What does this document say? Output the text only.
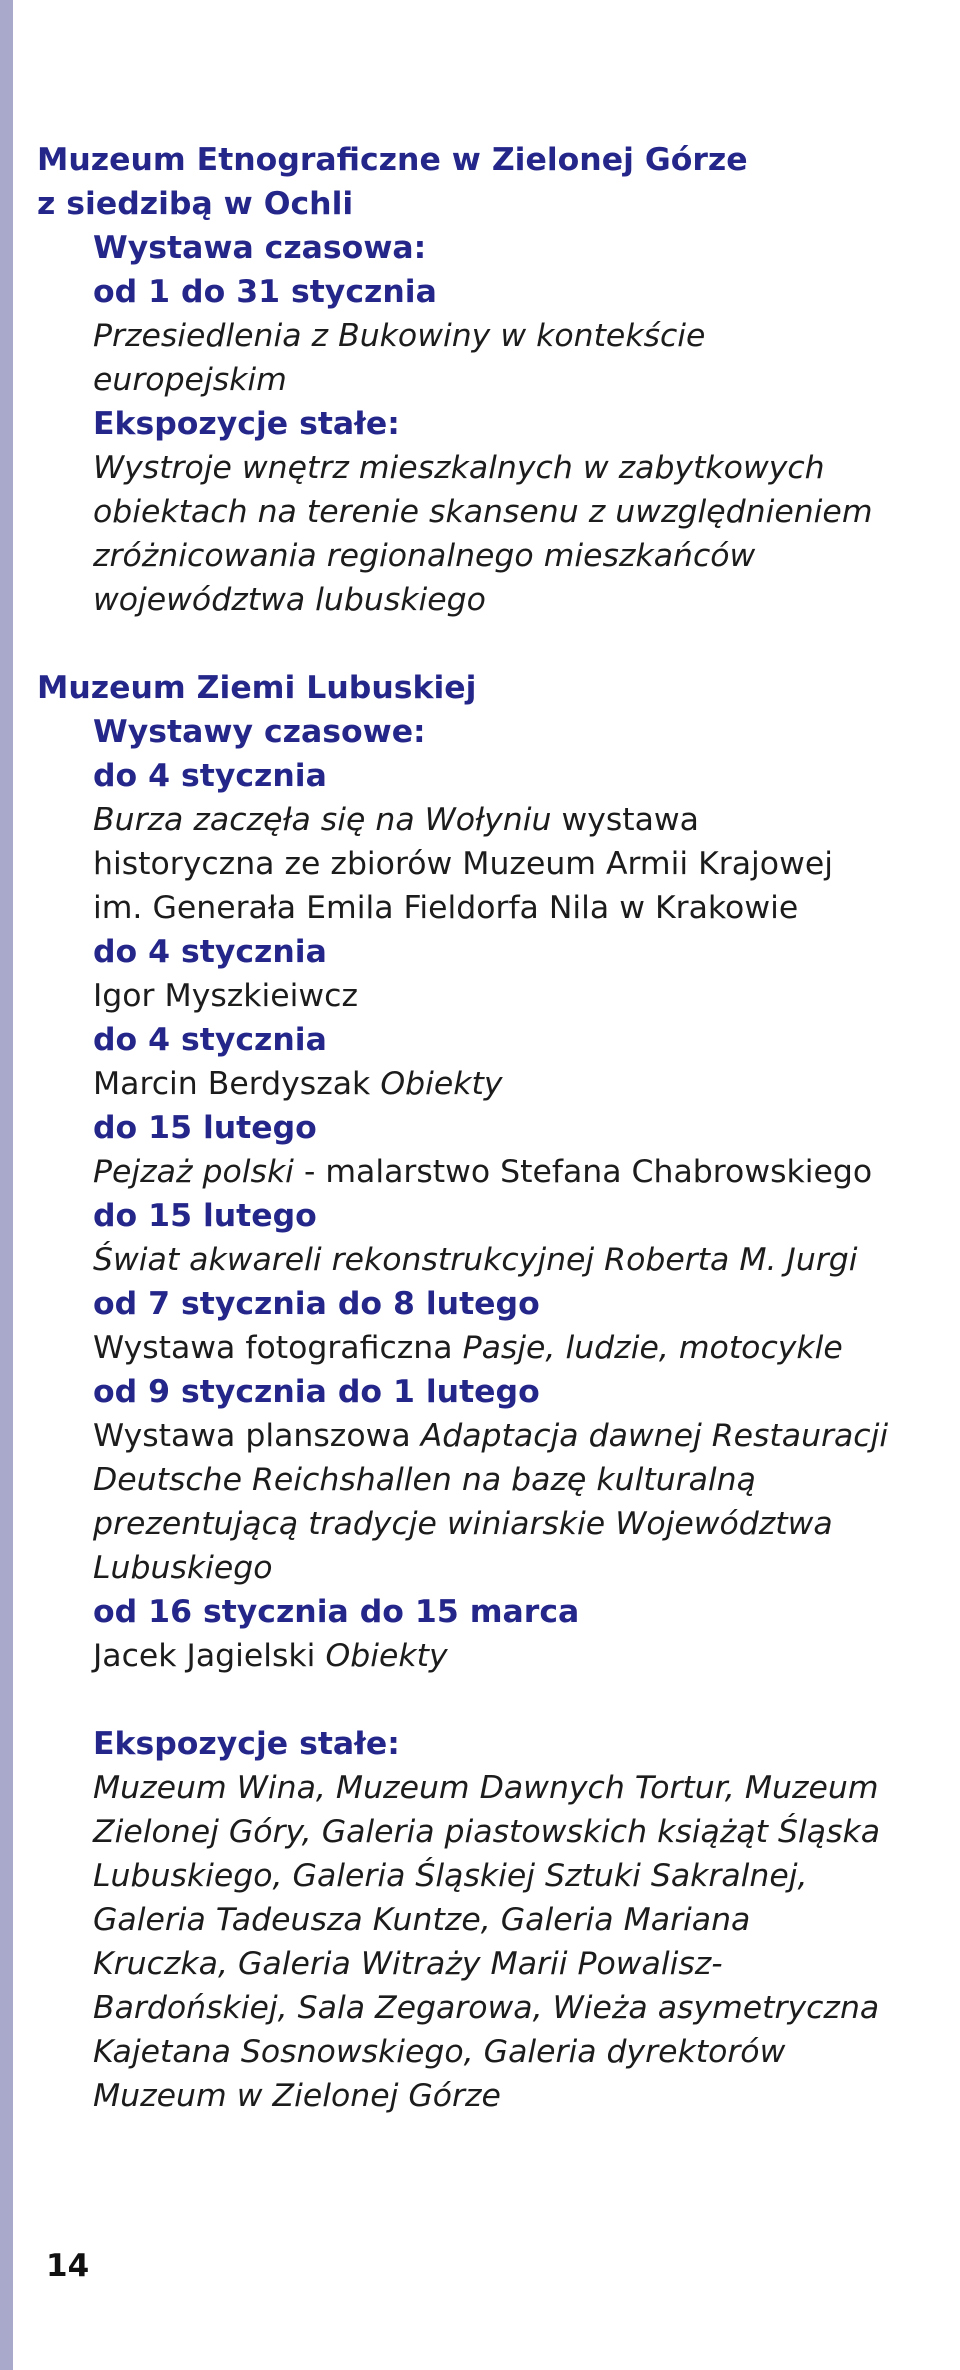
Muzeum Etnograficzne w Zielonej Górze

z siedzibą w Ochli

Wystawa czasowa:

od 1 do 31 stycznia

Przesiedlenia z Bukowiny w kontekście

europejskim

Ekspozycje stałe:

Wystroje wnętrz mieszkalnych w zabytkowych

obiektach na terenie skansenu z uwzględnieniem

zróżnicowania regionalnego mieszkańców

województwa lubuskiego

Muzeum Ziemi Lubuskiej

Wystawy czasowe:

do 4 stycznia

Burza zaczęła się na Wołyniu wystawa

historyczna ze zbiorów Muzeum Armii Krajowej

im. Generała Emila Fieldorfa Nila w Krakowie

do 4 stycznia

Igor Myszkieiwcz

do 4 stycznia

Marcin Berdyszak Obiekty

do 15 lutego

Pejzaż polski - malarstwo Stefana Chabrowskiego

do 15 lutego

Świat akwareli rekonstrukcyjnej Roberta M. Jurgi

od 7 stycznia do 8 lutego

Wystawa fotograficzna Pasje, ludzie, motocykle

od 9 stycznia do 1 lutego

Wystawa planszowa Adaptacja dawnej Restauracji

Deutsche Reichshallen na bazę kulturalną

prezentującą tradycje winiarskie Województwa

Lubuskiego

od 16 stycznia do 15 marca

Jacek Jagielski Obiekty

Ekspozycje stałe:

Muzeum Wina, Muzeum Dawnych Tortur, Muzeum

Zielonej Góry, Galeria piastowskich książąt Śląska

Lubuskiego, Galeria Śląskiej Sztuki Sakralnej,

Galeria Tadeusza Kuntze, Galeria Mariana

Kruczka, Galeria Witraży Marii Powalisz-

Bardońskiej, Sala Zegarowa, Wieża asymetryczna

Kajetana Sosnowskiego, Galeria dyrektorów

Muzeum w Zielonej Górze

14
